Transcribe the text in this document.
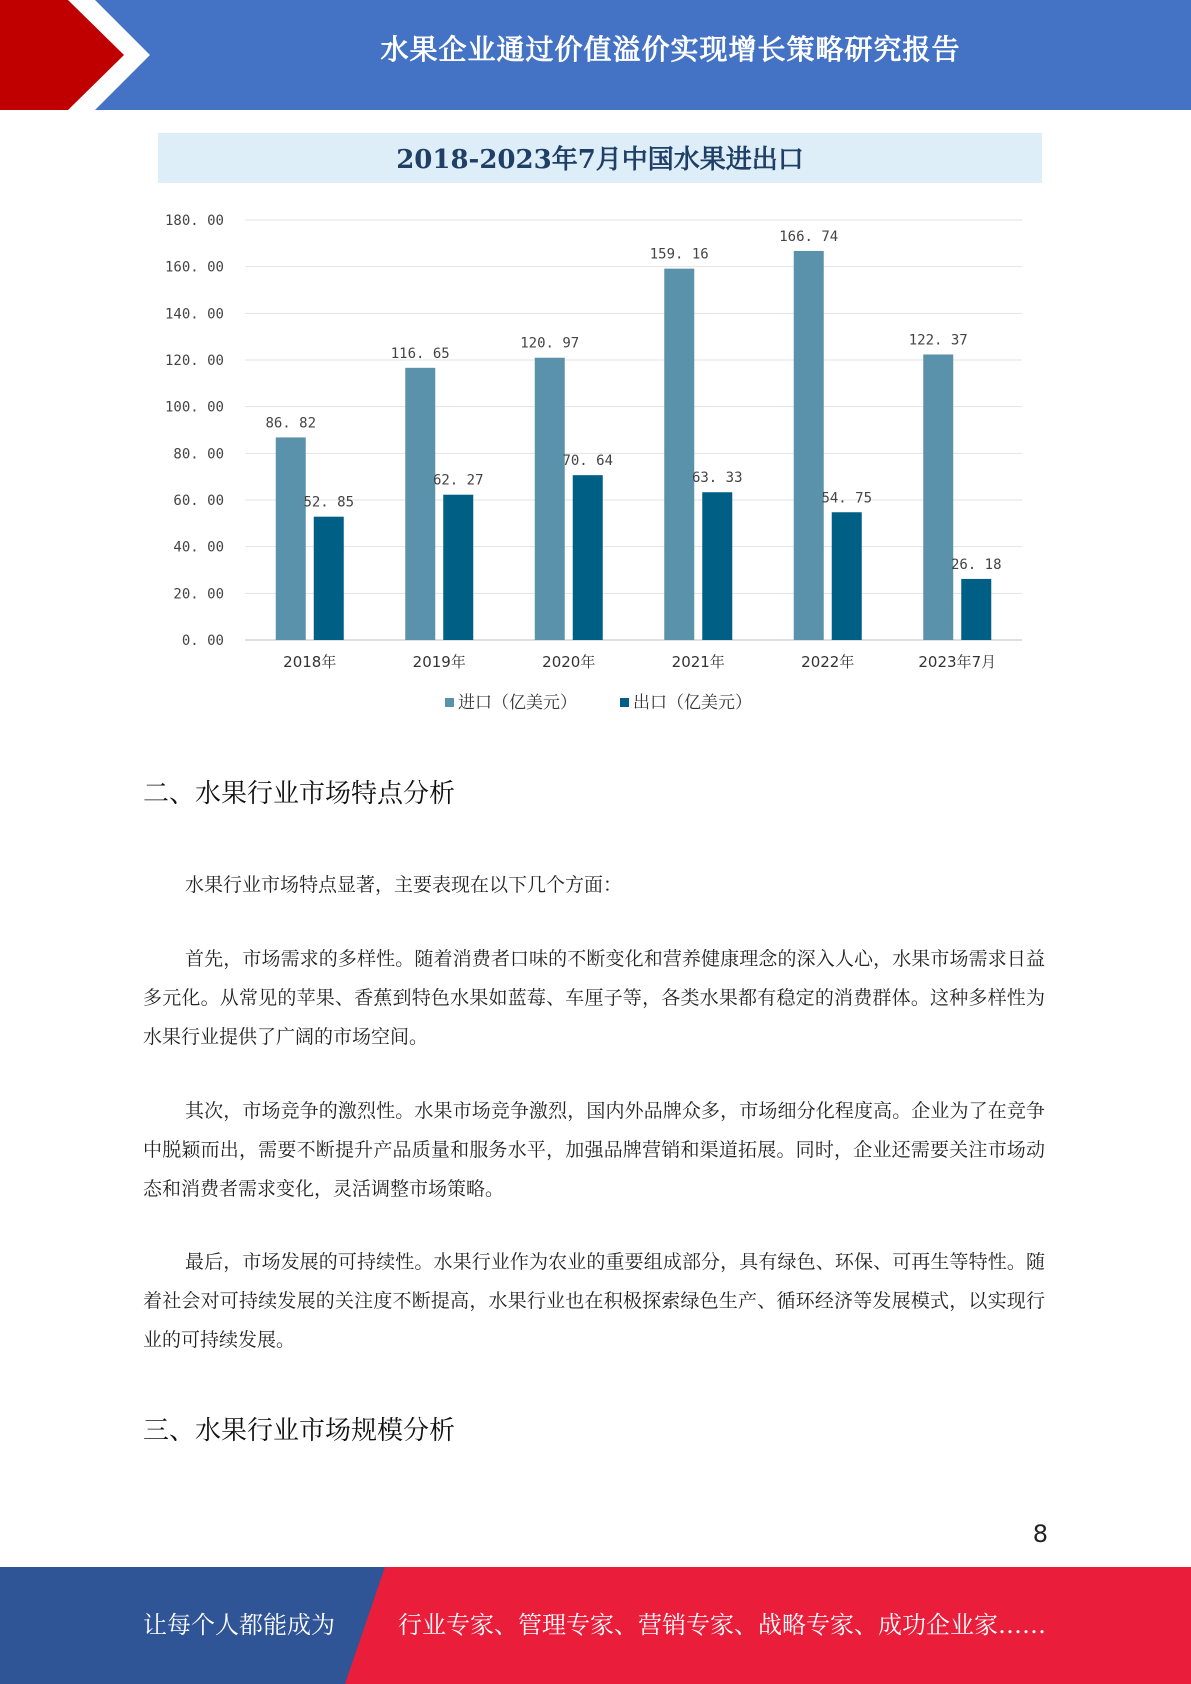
水果企业通过价值溢价实现增长策略研究报告
2018-2023年7月中国水果进出口
0. 00
20. 00
40. 00
60. 00
80. 00
100. 00
120. 00
140. 00
160. 00
180. 00
86. 82
52. 85
2018年
116. 65
62. 27
2019年
120. 97
70. 64
2020年
159. 16
63. 33
2021年
166. 74
54. 75
2022年
122. 37
26. 18
2023年7月
进口（亿美元）	出口（亿美元）
二、水果行业市场特点分析
水果行业市场特点显著，主要表现在以下几个方面：
首先，市场需求的多样性。随着消费者口味的不断变化和营养健康理念的深入人心，水果市场需求日益多元化。从常见的苹果、香蕉到特色水果如蓝莓、车厘子等，各类水果都有稳定的消费群体。这种多样性为水果行业提供了广阔的市场空间。
其次，市场竞争的激烈性。水果市场竞争激烈，国内外品牌众多，市场细分化程度高。企业为了在竞争中脱颖而出，需要不断提升产品质量和服务水平，加强品牌营销和渠道拓展。同时，企业还需要关注市场动态和消费者需求变化，灵活调整市场策略。
最后，市场发展的可持续性。水果行业作为农业的重要组成部分，具有绿色、环保、可再生等特性。随着社会对可持续发展的关注度不断提高，水果行业也在积极探索绿色生产、循环经济等发展模式，以实现行业的可持续发展。
三、水果行业市场规模分析
8
让每个人都能成为	行业专家、管理专家、营销专家、战略专家、成功企业家……
